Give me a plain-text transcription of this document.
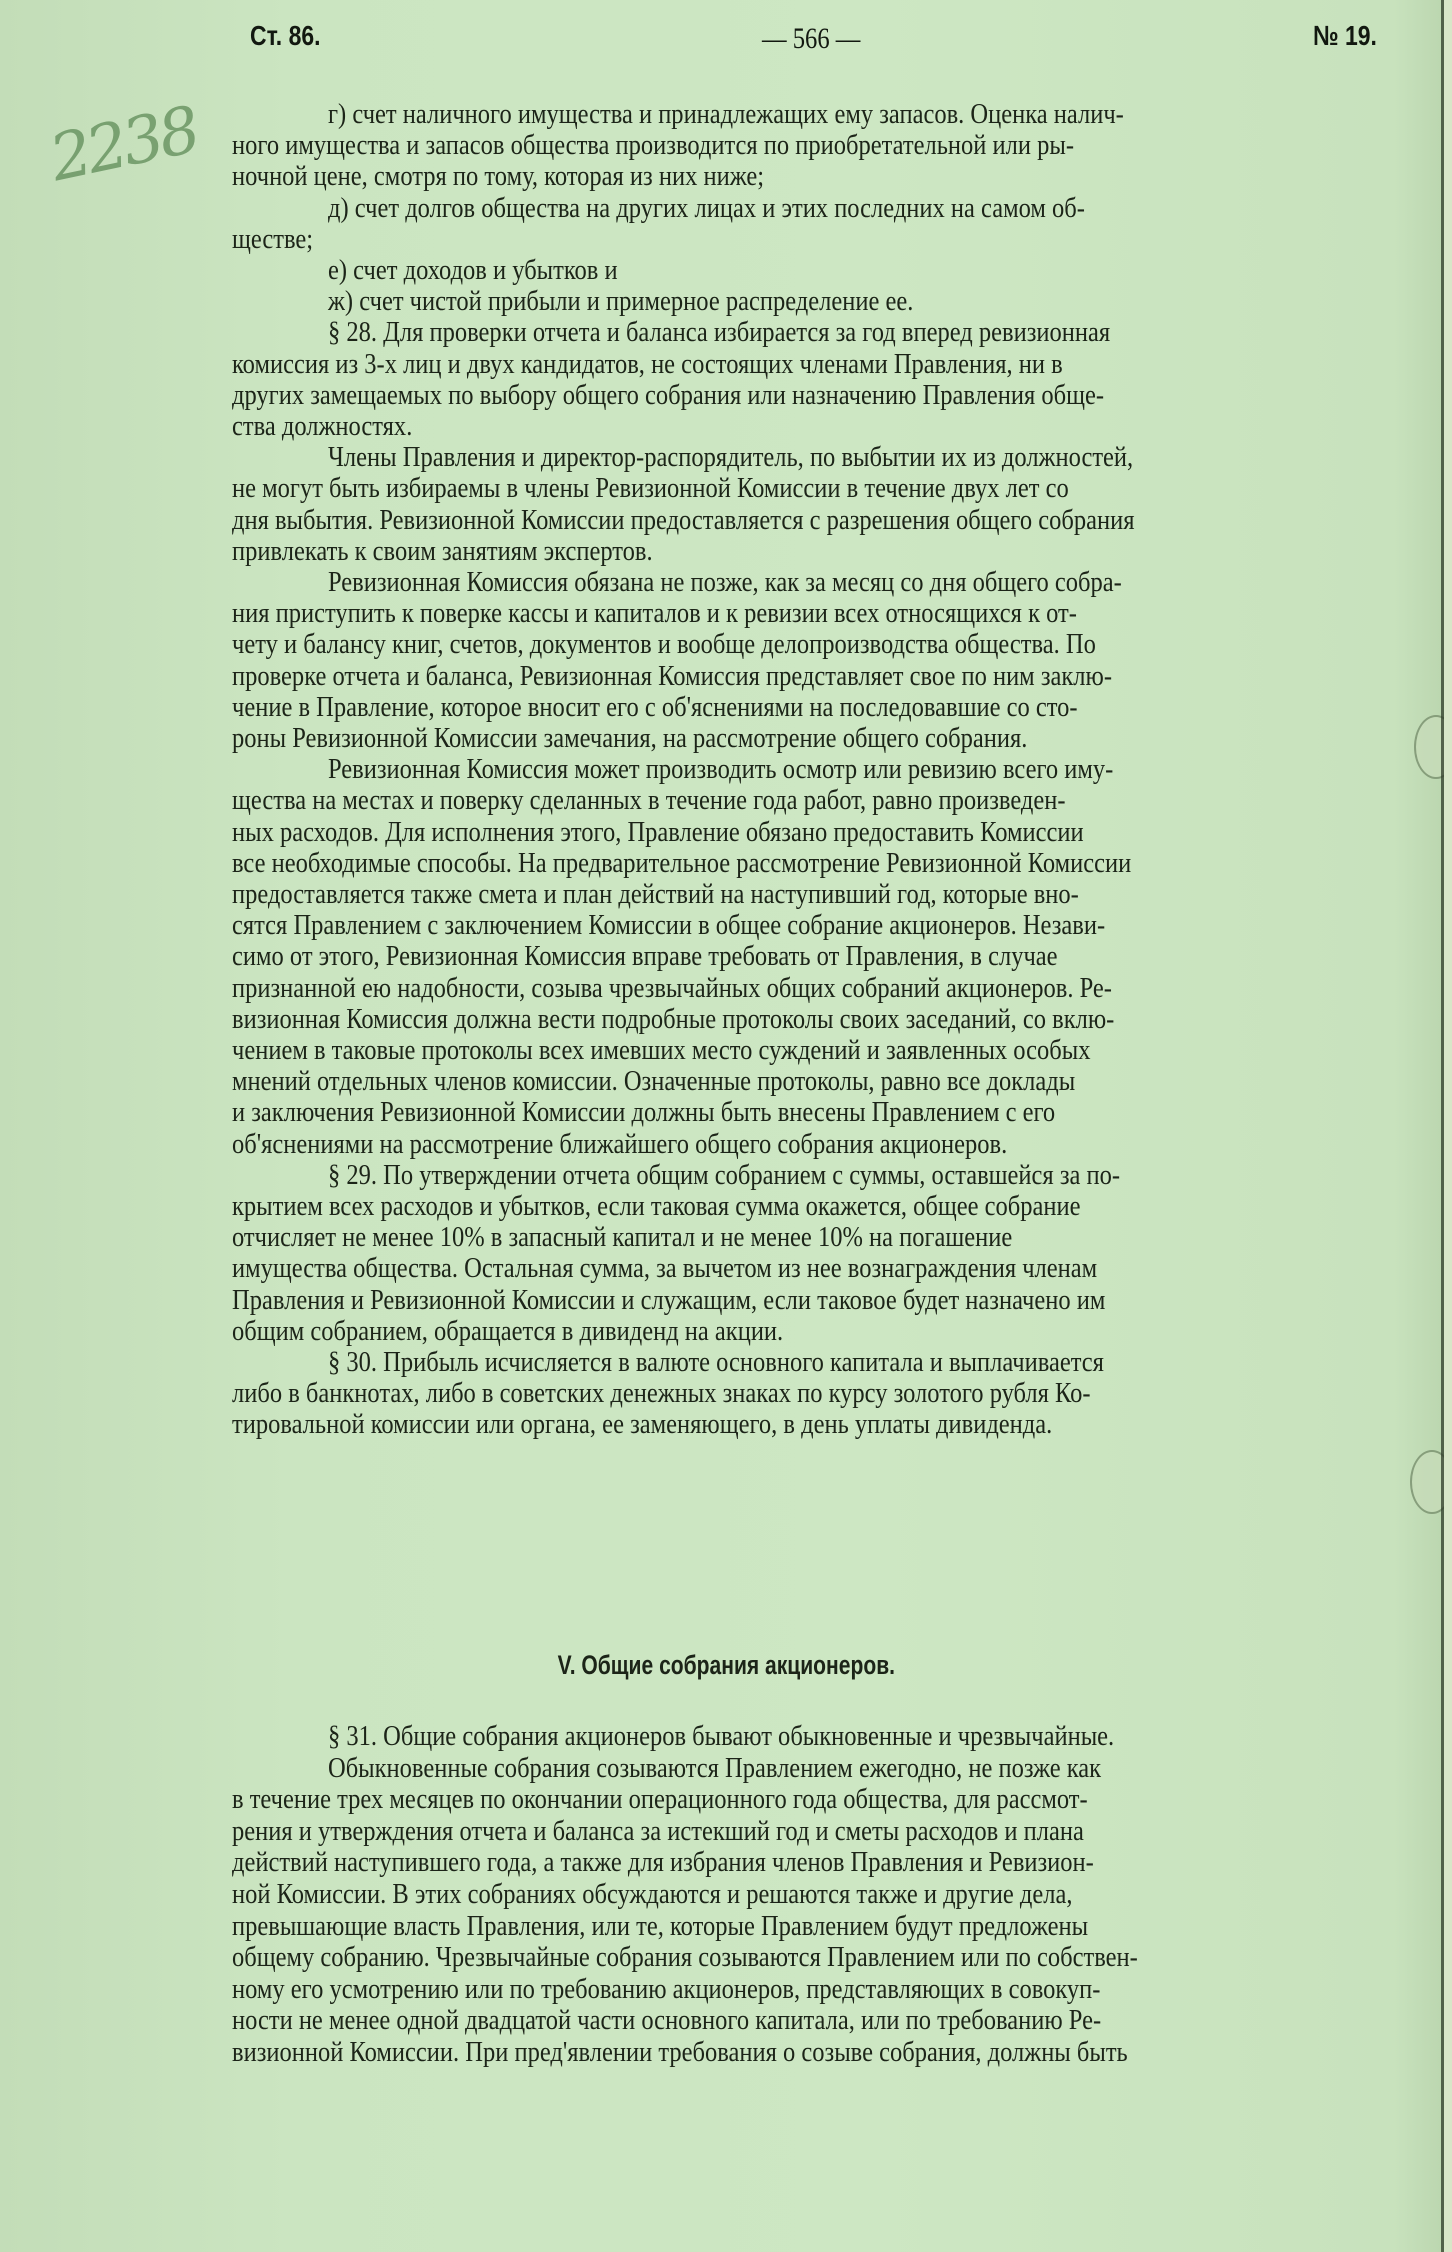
2238
Ст. 86.	— 566 —	№ 19.
г) счет наличного имущества и принадлежащих ему запасов. Оценка налич-
ного имущества и запасов общества производится по приобретательной или ры-
ночной цене, смотря по тому, которая из них ниже;
д) счет долгов общества на других лицах и этих последних на самом об-
ществе;
е) счет доходов и убытков и
ж) счет чистой прибыли и примерное распределение ее.
§ 28. Для проверки отчета и баланса избирается за год вперед ревизионная
комиссия из 3-х лиц и двух кандидатов, не состоящих членами Правления, ни в
других замещаемых по выбору общего собрания или назначению Правления обще-
ства должностях.
Члены Правления и директор-распорядитель, по выбытии их из должностей,
не могут быть избираемы в члены Ревизионной Комиссии в течение двух лет со
дня выбытия. Ревизионной Комиссии предоставляется с разрешения общего собрания
привлекать к своим занятиям экспертов.
Ревизионная Комиссия обязана не позже, как за месяц со дня общего собра-
ния приступить к поверке кассы и капиталов и к ревизии всех относящихся к от-
чету и балансу книг, счетов, документов и вообще делопроизводства общества. По
проверке отчета и баланса, Ревизионная Комиссия представляет свое по ним заклю-
чение в Правление, которое вносит его с об'яснениями на последовавшие со сто-
роны Ревизионной Комиссии замечания, на рассмотрение общего собрания.
Ревизионная Комиссия может производить осмотр или ревизию всего иму-
щества на местах и поверку сделанных в течение года работ, равно произведен-
ных расходов. Для исполнения этого, Правление обязано предоставить Комиссии
все необходимые способы. На предварительное рассмотрение Ревизионной Комиссии
предоставляется также смета и план действий на наступивший год, которые вно-
сятся Правлением с заключением Комиссии в общее собрание акционеров. Незави-
симо от этого, Ревизионная Комиссия вправе требовать от Правления, в случае
признанной ею надобности, созыва чрезвычайных общих собраний акционеров. Ре-
визионная Комиссия должна вести подробные протоколы своих заседаний, со вклю-
чением в таковые протоколы всех имевших место суждений и заявленных особых
мнений отдельных членов комиссии. Означенные протоколы, равно все доклады
и заключения Ревизионной Комиссии должны быть внесены Правлением с его
об'яснениями на рассмотрение ближайшего общего собрания акционеров.
§ 29. По утверждении отчета общим собранием с суммы, оставшейся за по-
крытием всех расходов и убытков, если таковая сумма окажется, общее собрание
отчисляет не менее 10% в запасный капитал и не менее 10% на погашение
имущества общества. Остальная сумма, за вычетом из нее вознаграждения членам
Правления и Ревизионной Комиссии и служащим, если таковое будет назначено им
общим собранием, обращается в дивиденд на акции.
§ 30. Прибыль исчисляется в валюте основного капитала и выплачивается
либо в банкнотах, либо в советских денежных знаках по курсу золотого рубля Ко-
тировальной комиссии или органа, ее заменяющего, в день уплаты дивиденда.
V. Общие собрания акционеров.
§ 31. Общие собрания акционеров бывают обыкновенные и чрезвычайные.
Обыкновенные собрания созываются Правлением ежегодно, не позже как
в течение трех месяцев по окончании операционного года общества, для рассмот-
рения и утверждения отчета и баланса за истекший год и сметы расходов и плана
действий наступившего года, а также для избрания членов Правления и Ревизион-
ной Комиссии. В этих собраниях обсуждаются и решаются также и другие дела,
превышающие власть Правления, или те, которые Правлением будут предложены
общему собранию. Чрезвычайные собрания созываются Правлением или по собствен-
ному его усмотрению или по требованию акционеров, представляющих в совокуп-
ности не менее одной двадцатой части основного капитала, или по требованию Ре-
визионной Комиссии. При пред'явлении требования о созыве собрания, должны быть
